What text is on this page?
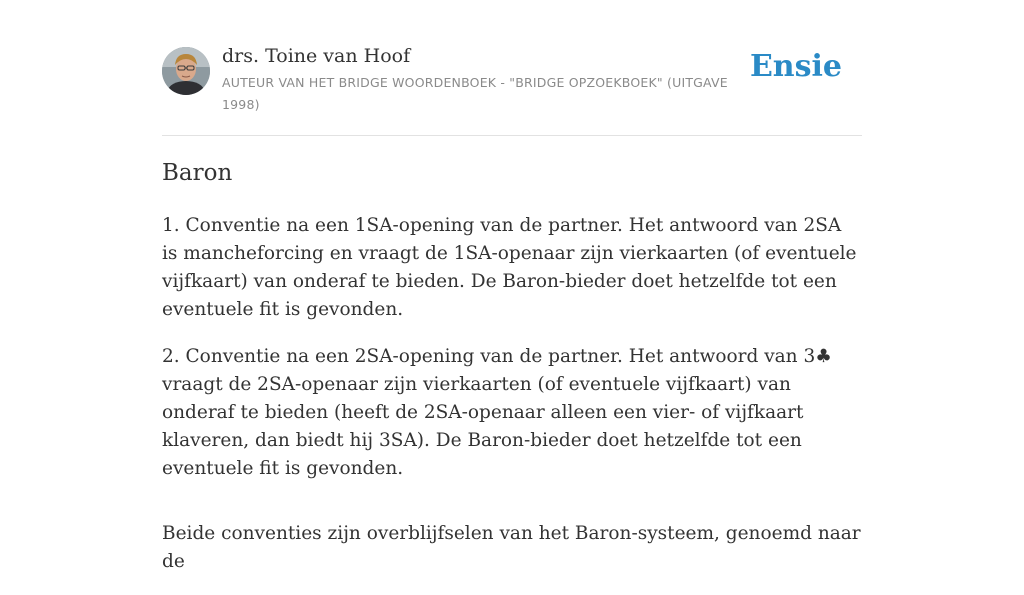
drs. Toine van Hoof
AUTEUR VAN HET BRIDGE WOORDENBOEK - "BRIDGE OPZOEKBOEK" (UITGAVE 1998)
Ensie
Baron

1. Conventie na een 1SA-opening van de partner. Het antwoord van 2SA is mancheforcing en vraagt de 1SA-openaar zijn vierkaarten (of eventuele vijfkaart) van onderaf te bieden. De Baron-bieder doet hetzelfde tot een eventuele fit is gevonden.

2. Conventie na een 2SA-opening van de partner. Het antwoord van 3♣ vraagt de 2SA-openaar zijn vierkaarten (of eventuele vijfkaart) van onderaf te bieden (heeft de 2SA-openaar alleen een vier- of vijfkaart klaveren, dan biedt hij 3SA). De Baron-bieder doet hetzelfde tot een eventuele fit is gevonden.

Beide conventies zijn overblijfselen van het Baron-systeem, genoemd naar de
